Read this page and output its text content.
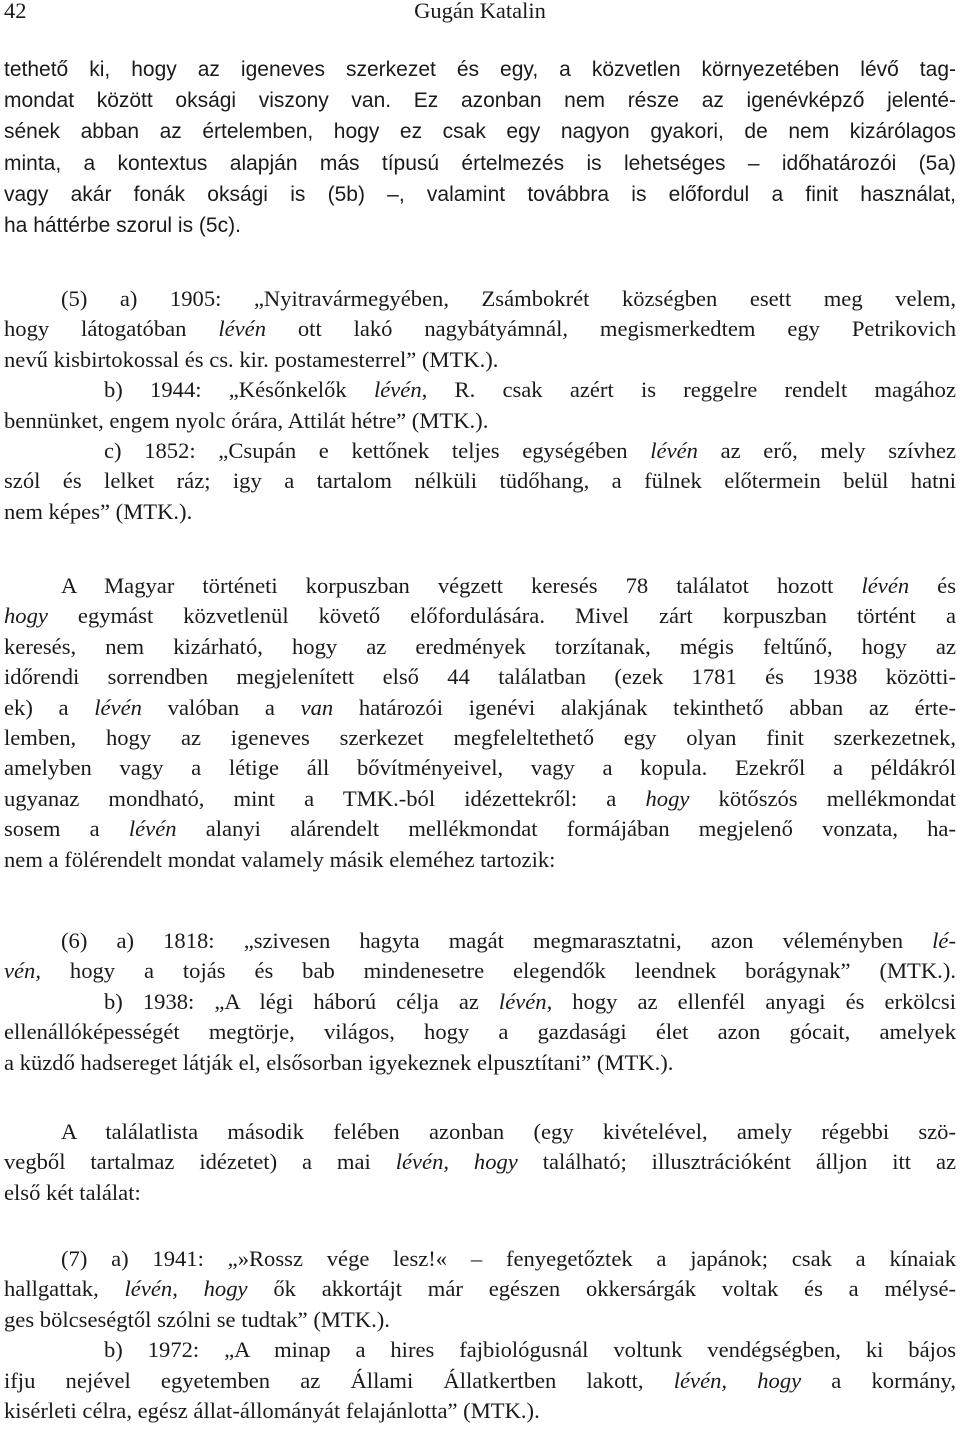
42	Gugán Katalin

tethető ki, hogy az igeneves szerkezet és egy, a közvetlen környezetében lévő tag-

mondat között oksági viszony van. Ez azonban nem része az igenévképző jelenté-

sének abban az értelemben, hogy ez csak egy nagyon gyakori, de nem kizárólagos

minta, a kontextus alapján más típusú értelmezés is lehetséges – időhatározói (5a)

vagy akár fonák oksági is (5b) –, valamint továbbra is előfordul a finit használat,

ha háttérbe szorul is (5c).

(5) a) 1905: „Nyitravármegyében, Zsámbokrét községben esett meg velem,

hogy látogatóban lévén ott lakó nagybátyámnál, megismerkedtem egy Petrikovich

nevű kisbirtokossal és cs. kir. postamesterrel” (MTK.).

b) 1944: „Későnkelők lévén, R. csak azért is reggelre rendelt magához

bennünket, engem nyolc órára, Attilát hétre” (MTK.).

c) 1852: „Csupán e kettőnek teljes egységében lévén az erő, mely szívhez

szól és lelket ráz; igy a tartalom nélküli tüdőhang, a fülnek előtermein belül hatni

nem képes” (MTK.).

A Magyar történeti korpuszban végzett keresés 78 találatot hozott lévén és

hogy egymást közvetlenül követő előfordulására. Mivel zárt korpuszban történt a

keresés, nem kizárható, hogy az eredmények torzítanak, mégis feltűnő, hogy az

időrendi sorrendben megjelenített első 44 találatban (ezek 1781 és 1938 közötti-

ek) a lévén valóban a van határozói igenévi alakjának tekinthető abban az érte-

lemben, hogy az igeneves szerkezet megfeleltethető egy olyan finit szerkezetnek,

amelyben vagy a létige áll bővítményeivel, vagy a kopula. Ezekről a példákról

ugyanaz mondható, mint a TMK.-ból idézettekről: a hogy kötőszós mellékmondat

sosem a lévén alanyi alárendelt mellékmondat formájában megjelenő vonzata, ha-

nem a fölérendelt mondat valamely másik eleméhez tartozik:

(6) a) 1818: „szivesen hagyta magát megmarasztatni, azon véleményben lé-

vén, hogy a tojás és bab mindenesetre elegendők leendnek borágynak” (MTK.).

b) 1938: „A légi háború célja az lévén, hogy az ellenfél anyagi és erkölcsi

ellenállóképességét megtörje, világos, hogy a gazdasági élet azon gócait, amelyek

a küzdő hadsereget látják el, elsősorban igyekeznek elpusztítani” (MTK.).

A találatlista második felében azonban (egy kivételével, amely régebbi szö-

vegből tartalmaz idézetet) a mai lévén, hogy található; illusztrációként álljon itt az

első két találat:

(7) a) 1941: „»Rossz vége lesz!« – fenyegetőztek a japánok; csak a kínaiak

hallgattak, lévén, hogy ők akkortájt már egészen okkersárgák voltak és a mélysé-

ges bölcseségtől szólni se tudtak” (MTK.).

b) 1972: „A minap a hires fajbiológusnál voltunk vendégségben, ki bájos

ifju nejével egyetemben az Állami Állatkertben lakott, lévén, hogy a kormány,

kisérleti célra, egész állat-állományát felajánlotta” (MTK.).
